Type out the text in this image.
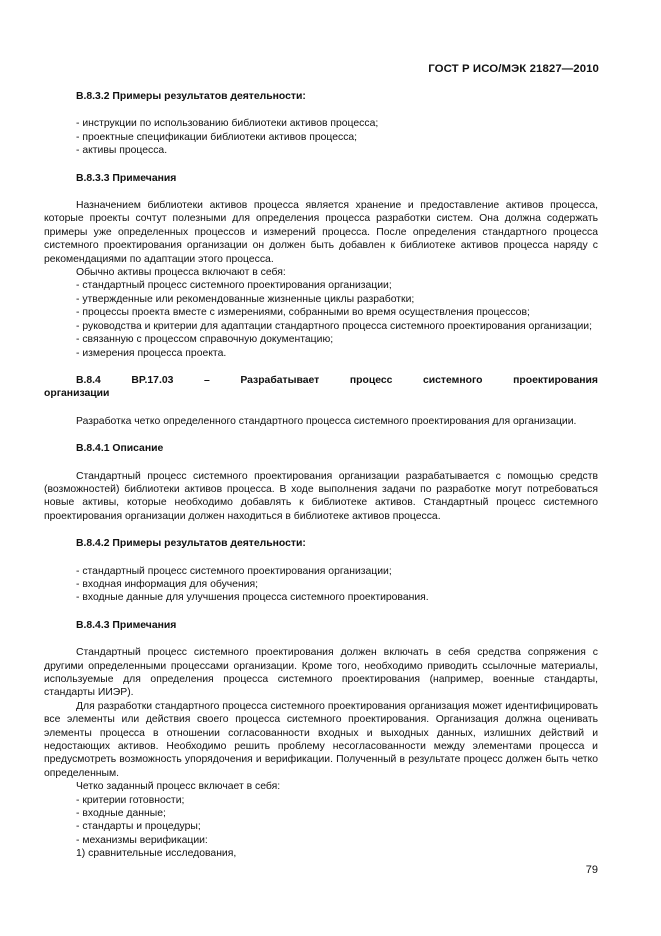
ГОСТ Р ИСО/МЭК 21827—2010

B.8.3.2 Примеры результатов деятельности:

- инструкции по использованию библиотеки активов процесса;

- проектные спецификации библиотеки активов процесса;

- активы процесса.

B.8.3.3 Примечания

Назначением библиотеки активов процесса является хранение и предоставление активов процесса, которые проекты сочтут полезными для определения процесса разработки систем. Она должна содержать примеры уже определенных процессов и измерений процесса. После определения стандартного процесса системного проектирования организации он должен быть добавлен к библиотеке активов процесса наряду с рекомендациями по адаптации этого процесса.

Обычно активы процесса включают в себя:

- стандартный процесс системного проектирования организации;

- утвержденные или рекомендованные жизненные циклы разработки;

- процессы проекта вместе с измерениями, собранными во время осуществления процессов;

- руководства и критерии для адаптации стандартного процесса системного проектирования организации;

- связанную с процессом справочную документацию;

- измерения процесса проекта.

B.8.4	BP.17.03	–	Разрабатывает	процесс	системного	проектирования

организации

Разработка четко определенного стандартного процесса системного проектирования для организации.

B.8.4.1 Описание

Стандартный процесс системного проектирования организации разрабатывается с помощью средств (возможностей) библиотеки активов процесса. В ходе выполнения задачи по разработке могут потребоваться новые активы, которые необходимо добавлять к библиотеке активов. Стандартный процесс системного проектирования организации должен находиться в библиотеке активов процесса.

B.8.4.2 Примеры результатов деятельности:

- стандартный процесс системного проектирования организации;

- входная информация для обучения;

- входные данные для улучшения процесса системного проектирования.

B.8.4.3 Примечания

Стандартный процесс системного проектирования должен включать в себя средства сопряжения с другими определенными процессами организации. Кроме того, необходимо приводить ссылочные материалы, используемые для определения процесса системного проектирования (например, военные стандарты, стандарты ИИЭР).

Для разработки стандартного процесса системного проектирования организация может идентифицировать все элементы или действия своего процесса системного проектирования. Организация должна оценивать элементы процесса в отношении согласованности входных и выходных данных, излишних действий и недостающих активов. Необходимо решить проблему несогласованности между элементами процесса и предусмотреть возможность упорядочения и верификации. Полученный в результате процесс должен быть четко определенным.

Четко заданный процесс включает в себя:

- критерии готовности;

- входные данные;

- стандарты и процедуры;

- механизмы верификации:

1) сравнительные исследования,

79
